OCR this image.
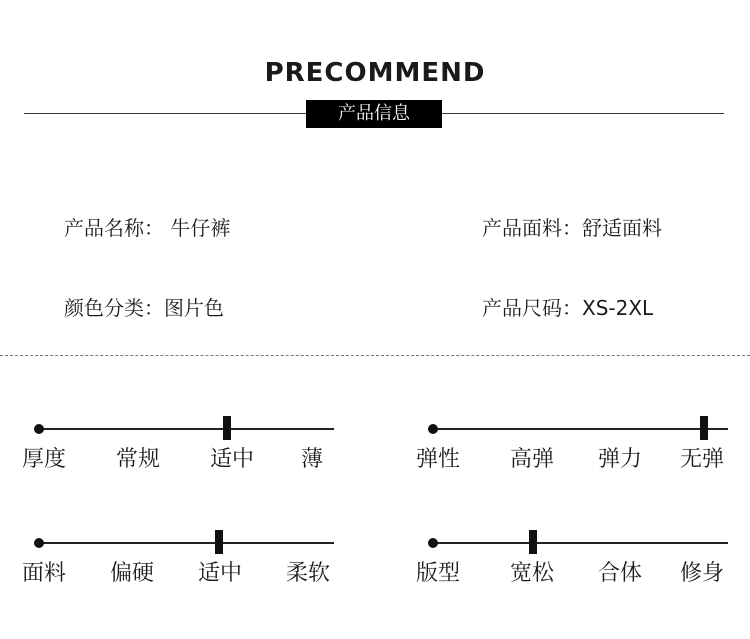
PRECOMMEND
产品信息
产品名称： 牛仔裤	产品面料：舒适面料
颜色分类：图片色	产品尺码：XS-2XL
厚度 常规 适中 薄	弹性 高弹 弹力 无弹
面料 偏硬 适中 柔软	版型 宽松 合体 修身
